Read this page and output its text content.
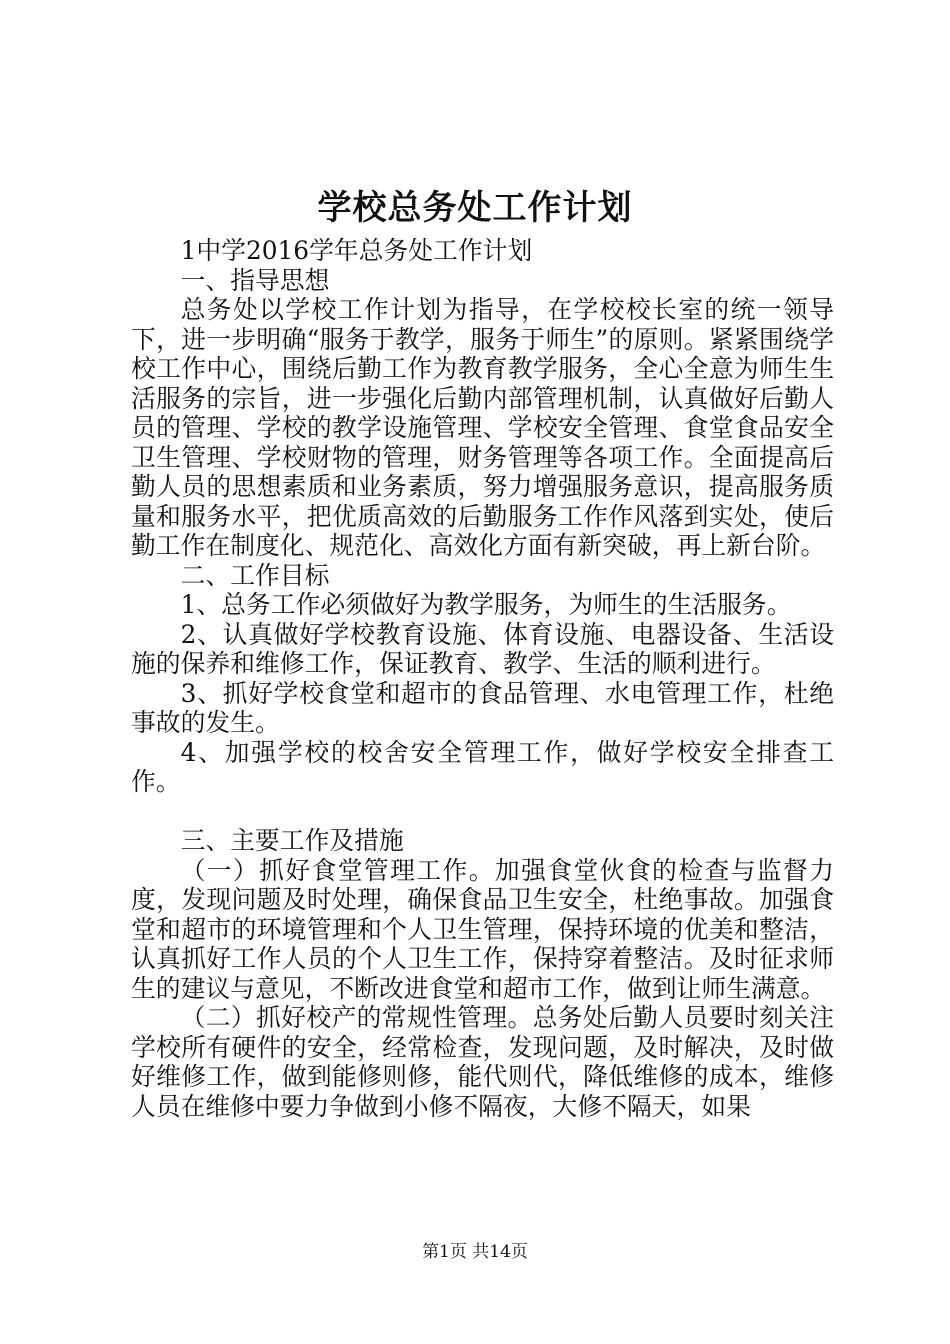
学校总务处工作计划

1中学2016学年总务处工作计划

一、指导思想

总务处以学校工作计划为指导，在学校校长室的统一领导下，进一步明确“服务于教学，服务于师生”的原则。紧紧围绕学校工作中心，围绕后勤工作为教育教学服务，全心全意为师生生活服务的宗旨，进一步强化后勤内部管理机制，认真做好后勤人员的管理、学校的教学设施管理、学校安全管理、食堂食品安全卫生管理、学校财物的管理，财务管理等各项工作。全面提高后勤人员的思想素质和业务素质，努力增强服务意识，提高服务质量和服务水平，把优质高效的后勤服务工作作风落到实处，使后勤工作在制度化、规范化、高效化方面有新突破，再上新台阶。

二、工作目标

1、总务工作必须做好为教学服务，为师生的生活服务。

2、认真做好学校教育设施、体育设施、电器设备、生活设施的保养和维修工作，保证教育、教学、生活的顺利进行。

3、抓好学校食堂和超市的食品管理、水电管理工作，杜绝事故的发生。

4、加强学校的校舍安全管理工作，做好学校安全排查工作。

三、主要工作及措施

（一）抓好食堂管理工作。加强食堂伙食的检查与监督力度，发现问题及时处理，确保食品卫生安全，杜绝事故。加强食堂和超市的环境管理和个人卫生管理，保持环境的优美和整洁，认真抓好工作人员的个人卫生工作，保持穿着整洁。及时征求师生的建议与意见，不断改进食堂和超市工作，做到让师生满意。

（二）抓好校产的常规性管理。总务处后勤人员要时刻关注学校所有硬件的安全，经常检查，发现问题，及时解决，及时做好维修工作，做到能修则修，能代则代，降低维修的成本，维修人员在维修中要力争做到小修不隔夜，大修不隔天，如果

第1页 共14页
